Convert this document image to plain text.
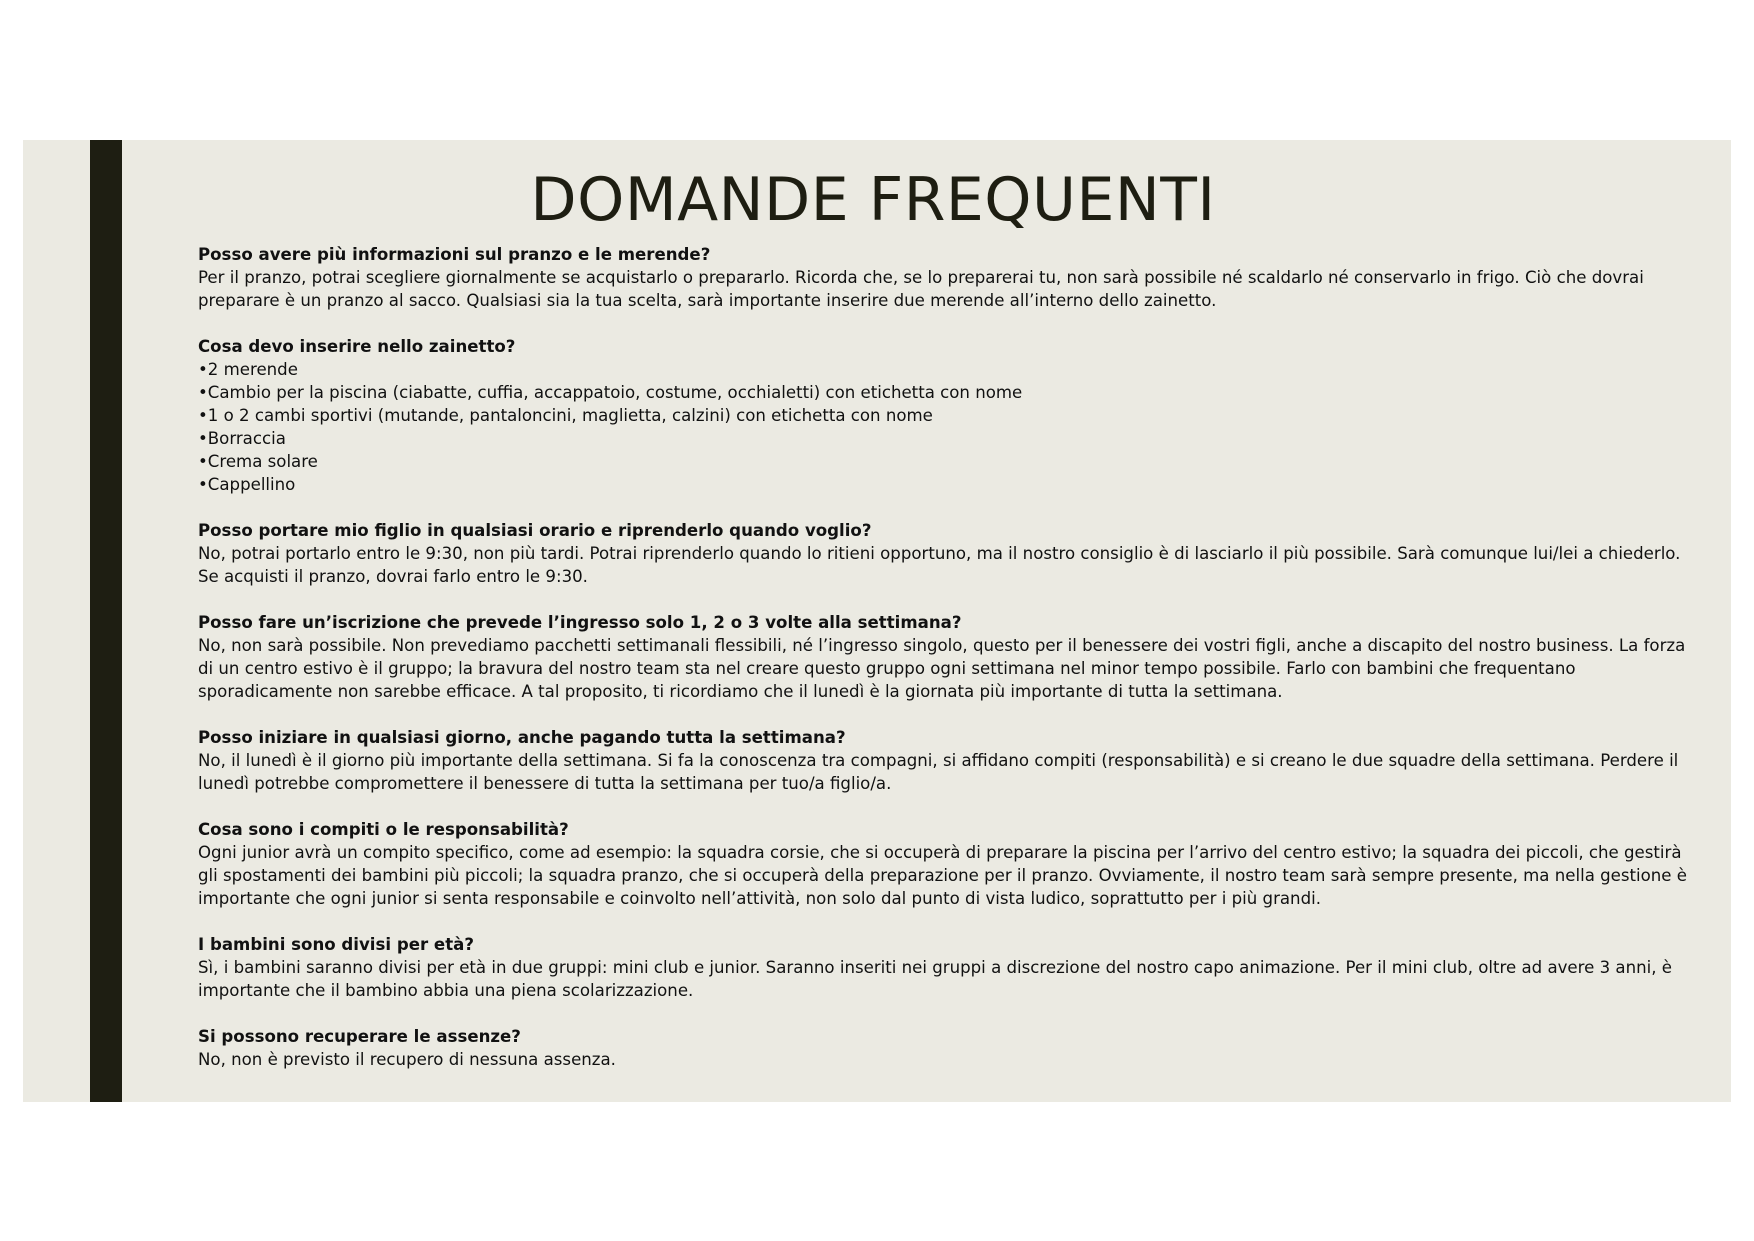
DOMANDE FREQUENTI

Posso avere più informazioni sul pranzo e le merende?

Per il pranzo, potrai scegliere giornalmente se acquistarlo o prepararlo. Ricorda che, se lo preparerai tu, non sarà possibile né scaldarlo né conservarlo in frigo. Ciò che dovrai preparare è un pranzo al sacco. Qualsiasi sia la tua scelta, sarà importante inserire due merende all’interno dello zainetto.

Cosa devo inserire nello zainetto?

•2 merende
•Cambio per la piscina (ciabatte, cuffia, accappatoio, costume, occhialetti) con etichetta con nome
•1 o 2 cambi sportivi (mutande, pantaloncini, maglietta, calzini) con etichetta con nome
•Borraccia
•Crema solare
•Cappellino

Posso portare mio figlio in qualsiasi orario e riprenderlo quando voglio?

No, potrai portarlo entro le 9:30, non più tardi. Potrai riprenderlo quando lo ritieni opportuno, ma il nostro consiglio è di lasciarlo il più possibile. Sarà comunque lui/lei a chiederlo. Se acquisti il pranzo, dovrai farlo entro le 9:30.

Posso fare un’iscrizione che prevede l’ingresso solo 1, 2 o 3 volte alla settimana?

No, non sarà possibile. Non prevediamo pacchetti settimanali flessibili, né l’ingresso singolo, questo per il benessere dei vostri figli, anche a discapito del nostro business. La forza di un centro estivo è il gruppo; la bravura del nostro team sta nel creare questo gruppo ogni settimana nel minor tempo possibile. Farlo con bambini che frequentano sporadicamente non sarebbe efficace. A tal proposito, ti ricordiamo che il lunedì è la giornata più importante di tutta la settimana.

Posso iniziare in qualsiasi giorno, anche pagando tutta la settimana?

No, il lunedì è il giorno più importante della settimana. Si fa la conoscenza tra compagni, si affidano compiti (responsabilità) e si creano le due squadre della settimana. Perdere il lunedì potrebbe compromettere il benessere di tutta la settimana per tuo/a figlio/a.

Cosa sono i compiti o le responsabilità?

Ogni junior avrà un compito specifico, come ad esempio: la squadra corsie, che si occuperà di preparare la piscina per l’arrivo del centro estivo; la squadra dei piccoli, che gestirà gli spostamenti dei bambini più piccoli; la squadra pranzo, che si occuperà della preparazione per il pranzo. Ovviamente, il nostro team sarà sempre presente, ma nella gestione è importante che ogni junior si senta responsabile e coinvolto nell’attività, non solo dal punto di vista ludico, soprattutto per i più grandi.

I bambini sono divisi per età?

Sì, i bambini saranno divisi per età in due gruppi: mini club e junior. Saranno inseriti nei gruppi a discrezione del nostro capo animazione. Per il mini club, oltre ad avere 3 anni, è importante che il bambino abbia una piena scolarizzazione.

Si possono recuperare le assenze?

No, non è previsto il recupero di nessuna assenza.
